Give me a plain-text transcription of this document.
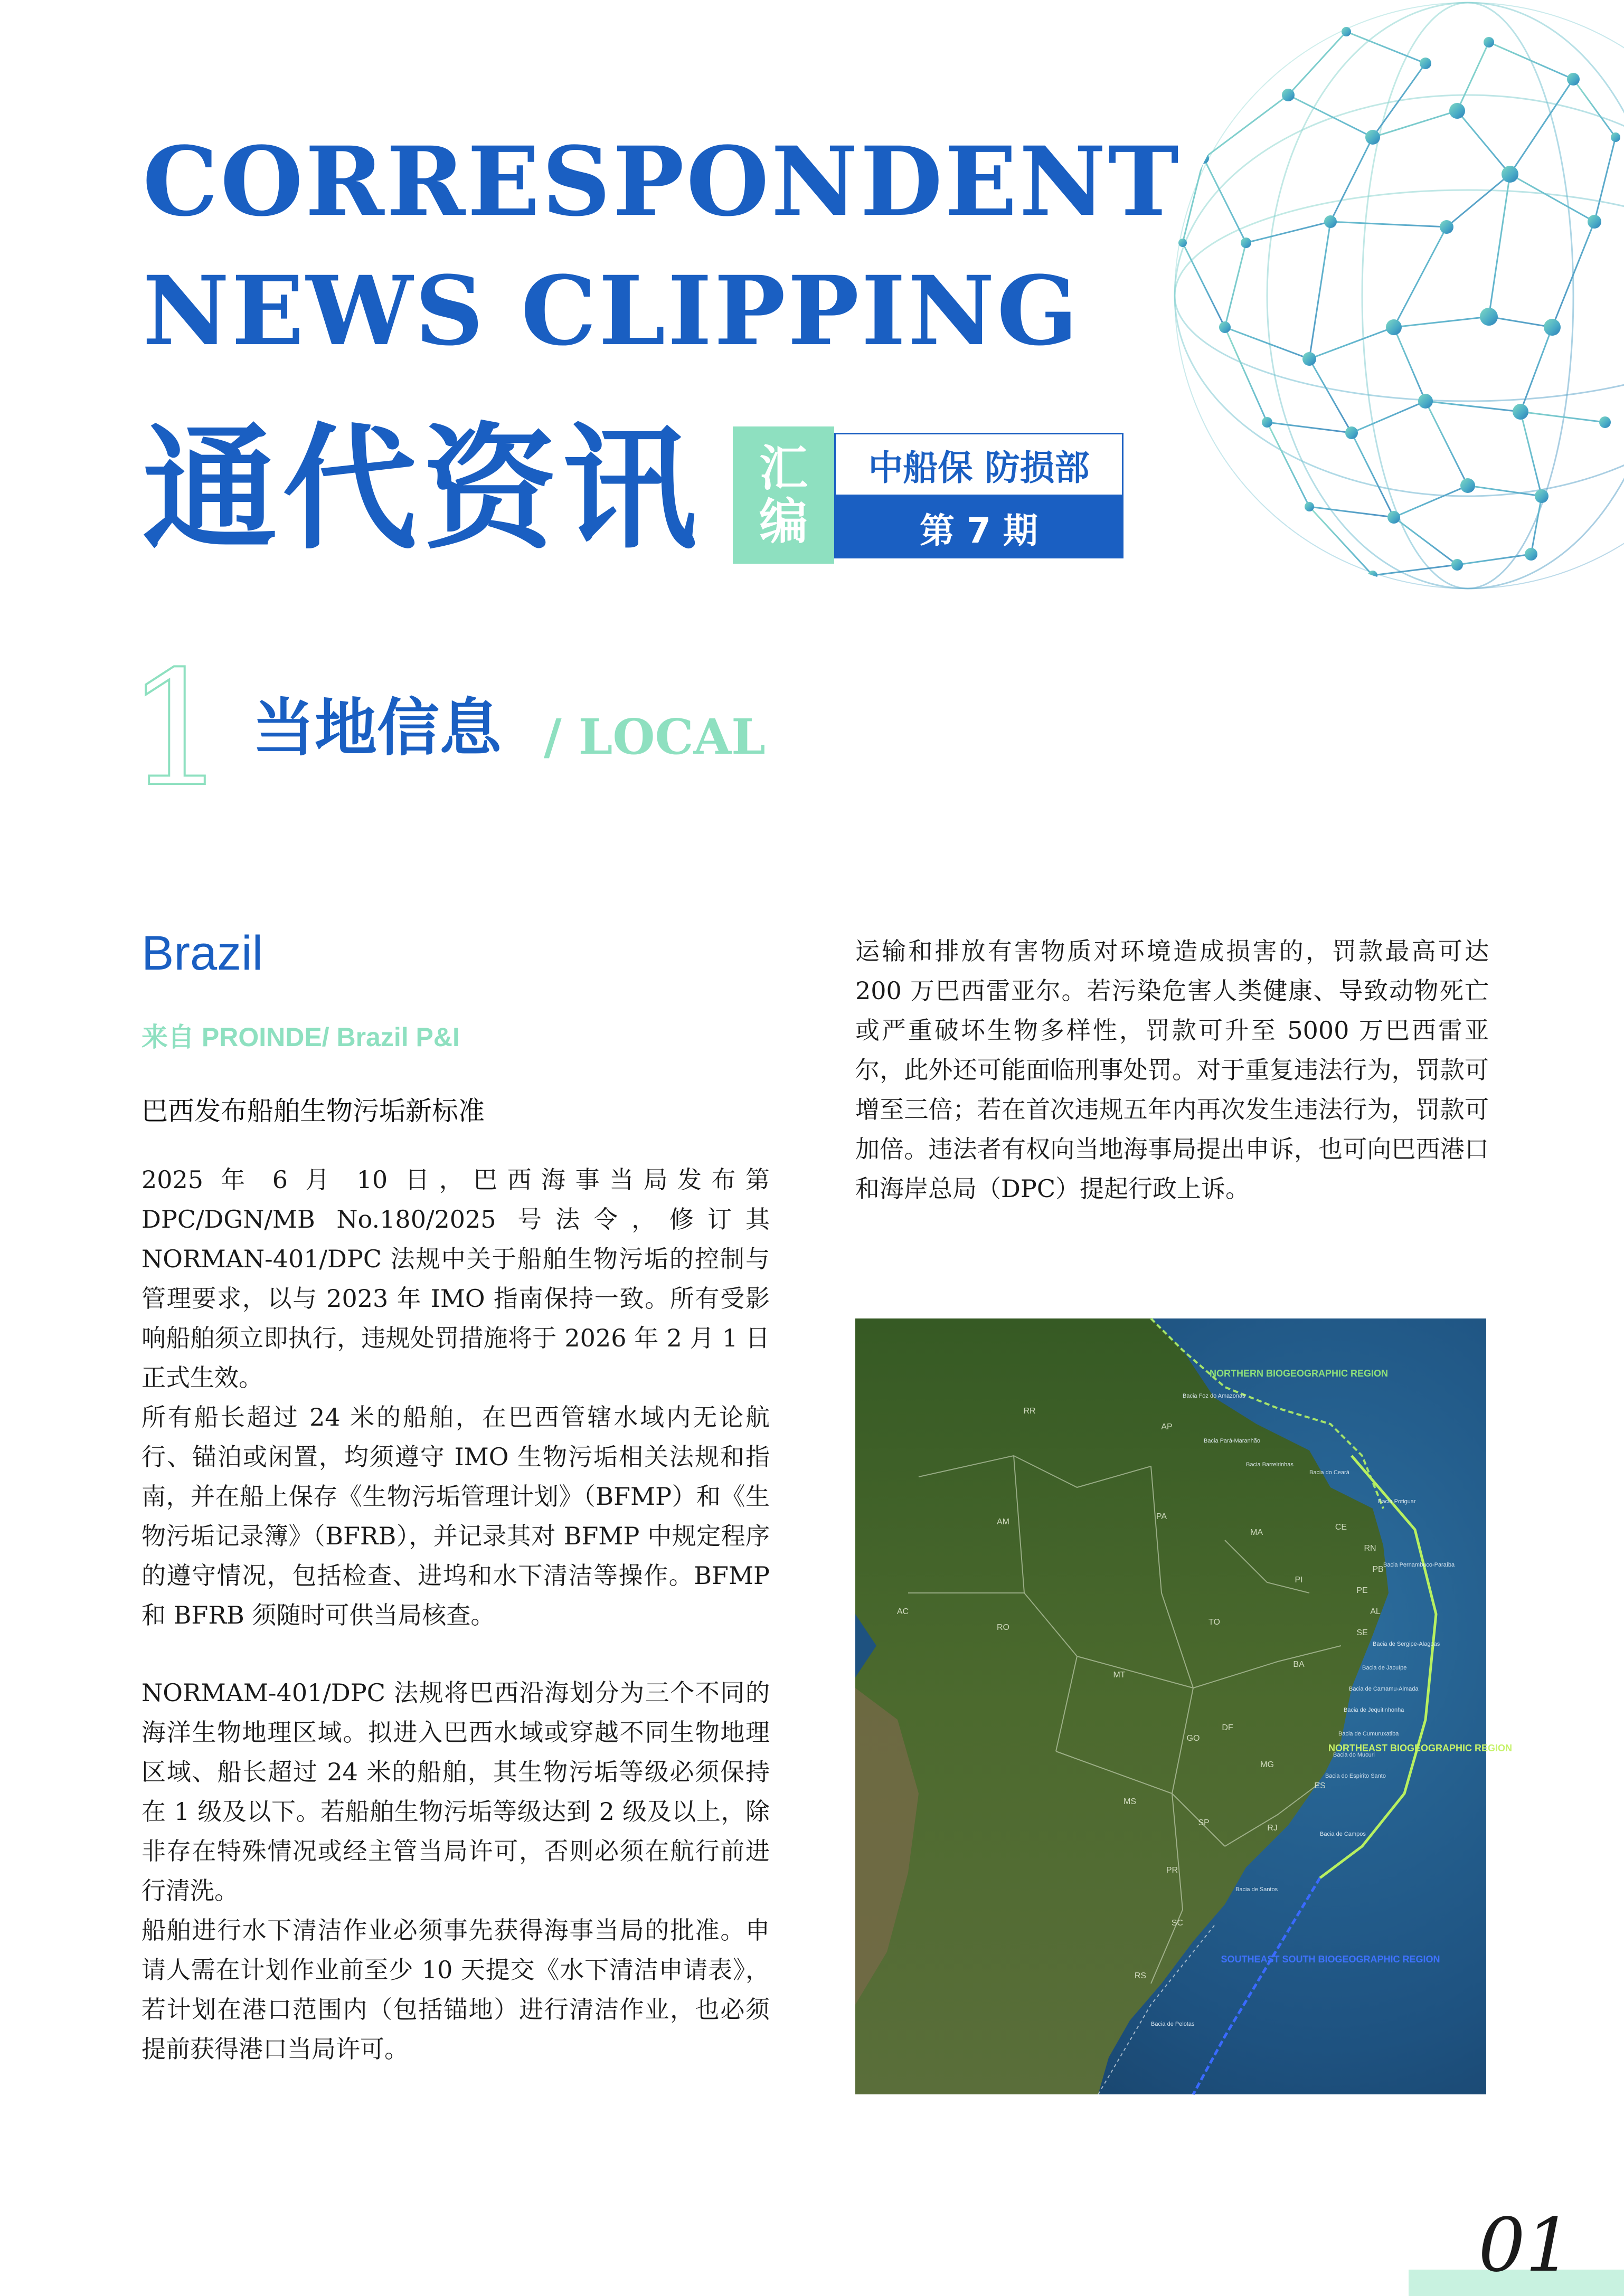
CORRESPONDENT
NEWS CLIPPING
通代资讯 汇
编
中船保 防损部
第 7 期
1 当地信息 / LOCAL
Brazil
来自 PROINDE/ Brazil P&I
巴西发布船舶生物污垢新标准

2025 年 6 月 10 日，巴西海事当局发布第 DPC/DGN/MB No.180/2025 号法令，修订其 NORMAN-401/DPC 法规中关于船舶生物污垢的控制与管理要求，以与 2023 年 IMO 指南保持一致。所有受影响船舶须立即执行，违规处罚措施将于 2026 年 2 月 1 日正式生效。

所有船长超过 24 米的船舶，在巴西管辖水域内无论航行、锚泊或闲置，均须遵守 IMO 生物污垢相关法规和指南，并在船上保存《生物污垢管理计划》（BFMP）和《生物污垢记录簿》（BFRB），并记录其对 BFMP 中规定程序的遵守情况，包括检查、进坞和水下清洁等操作。BFMP 和 BFRB 须随时可供当局核查。

NORMAM-401/DPC 法规将巴西沿海划分为三个不同的海洋生物地理区域。拟进入巴西水域或穿越不同生物地理区域、船长超过 24 米的船舶，其生物污垢等级必须保持在 1 级及以下。若船舶生物污垢等级达到 2 级及以上，除非存在特殊情况或经主管当局许可，否则必须在航行前进行清洗。

船舶进行水下清洁作业必须事先获得海事当局的批准。申请人需在计划作业前至少 10 天提交《水下清洁申请表》，若计划在港口范围内（包括锚地）进行清洁作业，也必须提前获得港口当局许可。

运输和排放有害物质对环境造成损害的，罚款最高可达 200 万巴西雷亚尔。若污染危害人类健康、导致动物死亡或严重破坏生物多样性，罚款可升至 5000 万巴西雷亚尔，此外还可能面临刑事处罚。对于重复违法行为，罚款可增至三倍；若在首次违规五年内再次发生违法行为，罚款可加倍。违法者有权向当地海事局提出申诉，也可向巴西港口和海岸总局（DPC）提起行政上诉。

NORTHERN BIOGEOGRAPHIC REGION
NORTHEAST BIOGEOGRAPHIC REGION
SOUTHEAST SOUTH BIOGEOGRAPHIC REGION
RR
AP
AM
PA
MA
CE
RN
PB
PE
AL
SE
PI
AC
RO
TO
BA
MT
DF
GO
MG
ES
MS
SP
RJ
PR
SC
RS
Bacia Foz do Amazonas
Bacia Pará-Maranhão
Bacia Barreirinhas
Bacia do Ceará
Bacia Potiguar
Bacia Pernambuco-Paraíba
Bacia de Sergipe-Alagoas
Bacia de Jacuípe
Bacia de Camamu-Almada
Bacia de Jequitinhonha
Bacia de Cumuruxatiba
Bacia do Mucuri
Bacia do Espírito Santo
Bacia de Campos
Bacia de Santos
Bacia de Pelotas
01
